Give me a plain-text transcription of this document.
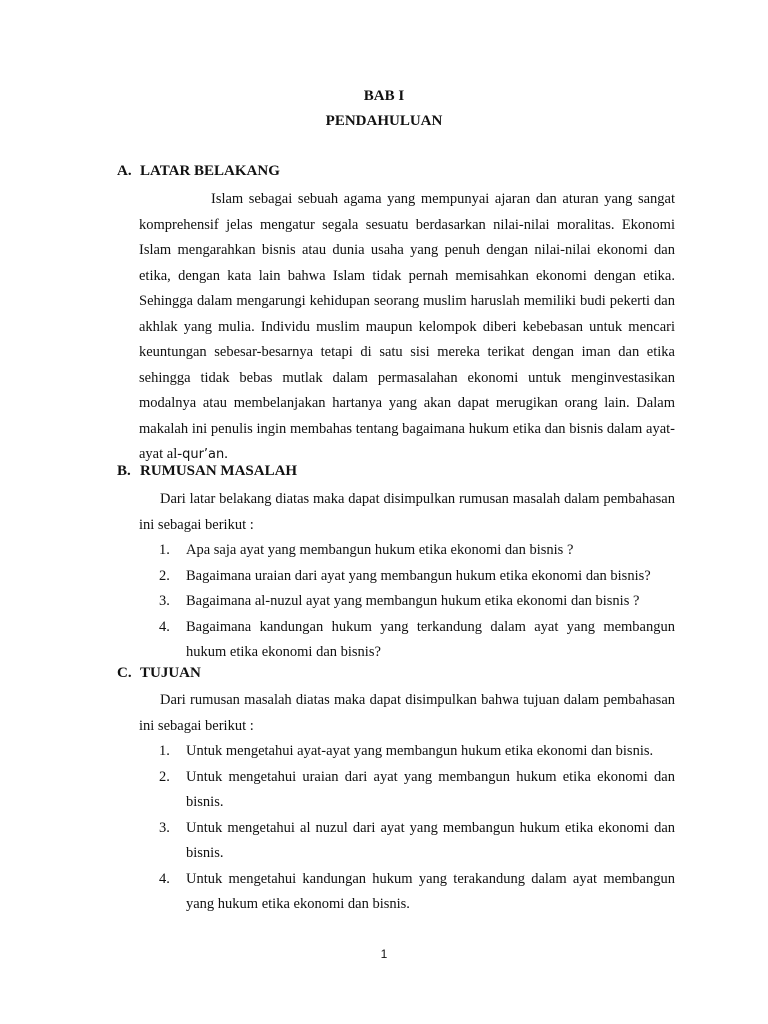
BAB I
PENDAHULUAN
A. LATAR BELAKANG

Islam sebagai sebuah agama yang mempunyai ajaran dan aturan yang sangat komprehensif jelas mengatur segala sesuatu berdasarkan nilai-nilai moralitas. Ekonomi Islam mengarahkan bisnis atau dunia usaha yang penuh dengan nilai-nilai ekonomi dan etika, dengan kata lain bahwa Islam tidak pernah memisahkan ekonomi dengan etika. Sehingga dalam mengarungi kehidupan seorang muslim haruslah memiliki budi pekerti dan akhlak yang mulia. Individu muslim maupun kelompok diberi kebebasan untuk mencari keuntungan sebesar-besarnya tetapi di satu sisi mereka terikat dengan iman dan etika sehingga tidak bebas mutlak dalam permasalahan ekonomi untuk menginvestasikan modalnya atau membelanjakan hartanya yang akan dapat merugikan orang lain. Dalam makalah ini penulis ingin membahas tentang bagaimana hukum etika dan bisnis dalam ayat-ayat al-qur’an.

B. RUMUSAN MASALAH

Dari latar belakang diatas maka dapat disimpulkan rumusan masalah dalam pembahasan ini sebagai berikut :

1. Apa saja ayat yang membangun hukum etika ekonomi dan bisnis ?
2. Bagaimana uraian dari ayat yang membangun hukum etika ekonomi dan bisnis?
3. Bagaimana al-nuzul ayat yang membangun hukum etika ekonomi dan bisnis ?
4. Bagaimana kandungan hukum yang terkandung dalam ayat yang membangun hukum etika ekonomi dan bisnis?
C. TUJUAN

Dari rumusan masalah diatas maka dapat disimpulkan bahwa tujuan dalam pembahasan ini sebagai berikut :

1. Untuk mengetahui ayat-ayat yang membangun hukum etika ekonomi dan bisnis.
2. Untuk mengetahui uraian dari ayat yang membangun hukum etika ekonomi dan bisnis.
3. Untuk mengetahui al nuzul dari ayat yang membangun hukum etika ekonomi dan bisnis.
4. Untuk mengetahui kandungan hukum yang terakandung dalam ayat membangun yang hukum etika ekonomi dan bisnis.
1
